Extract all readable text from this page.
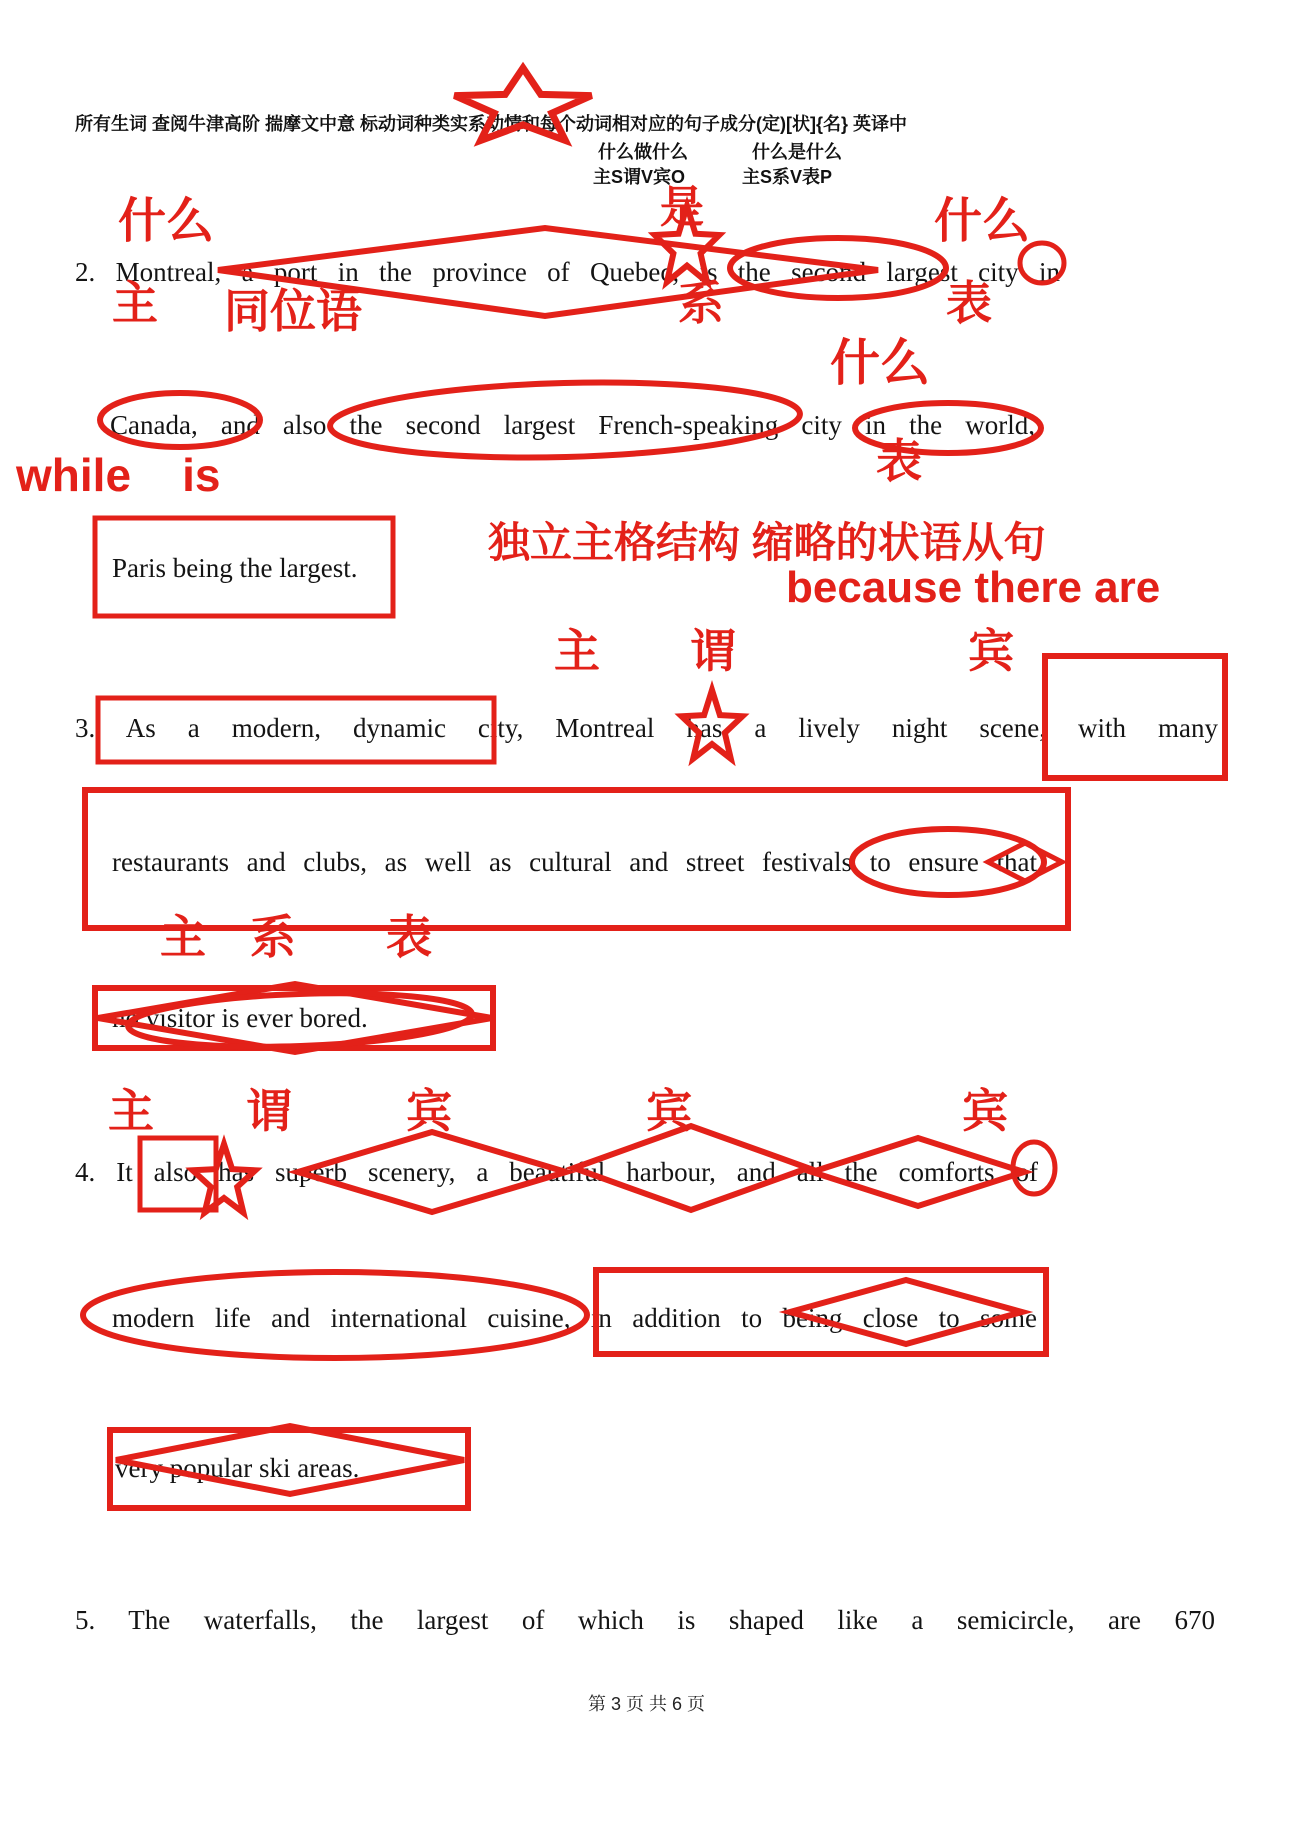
所有生词 查阅牛津高阶 揣摩文中意 标动词种类实系动情和每个动词相对应的句子成分(定)[状]{名} 英译中
什么做什么	什么是什么
主S谓V宾O	主S系V表P
2. Montreal, a port in the province of Quebec, is the second largest city in
Canada, and also the second largest French-speaking city in the world,
Paris being the largest.
3. As a modern, dynamic city, Montreal has a lively night scene, with many
restaurants and clubs, as well as cultural and street festivals to ensure that
no visitor is ever bored.
4. It also has superb scenery, a beautiful harbour, and all the comforts of
modern life and international cuisine, in addition to being close to some
very popular ski areas.
5. The waterfalls, the largest of which is shaped like a semicircle, are 670
第 3 页 共 6 页
什么	是	什么
主 同位语	系	表
什么
表
while    is
独立主格结构 缩略的状语从句
because there are
主 谓	宾
主 系 表
主 谓 宾	宾	宾
